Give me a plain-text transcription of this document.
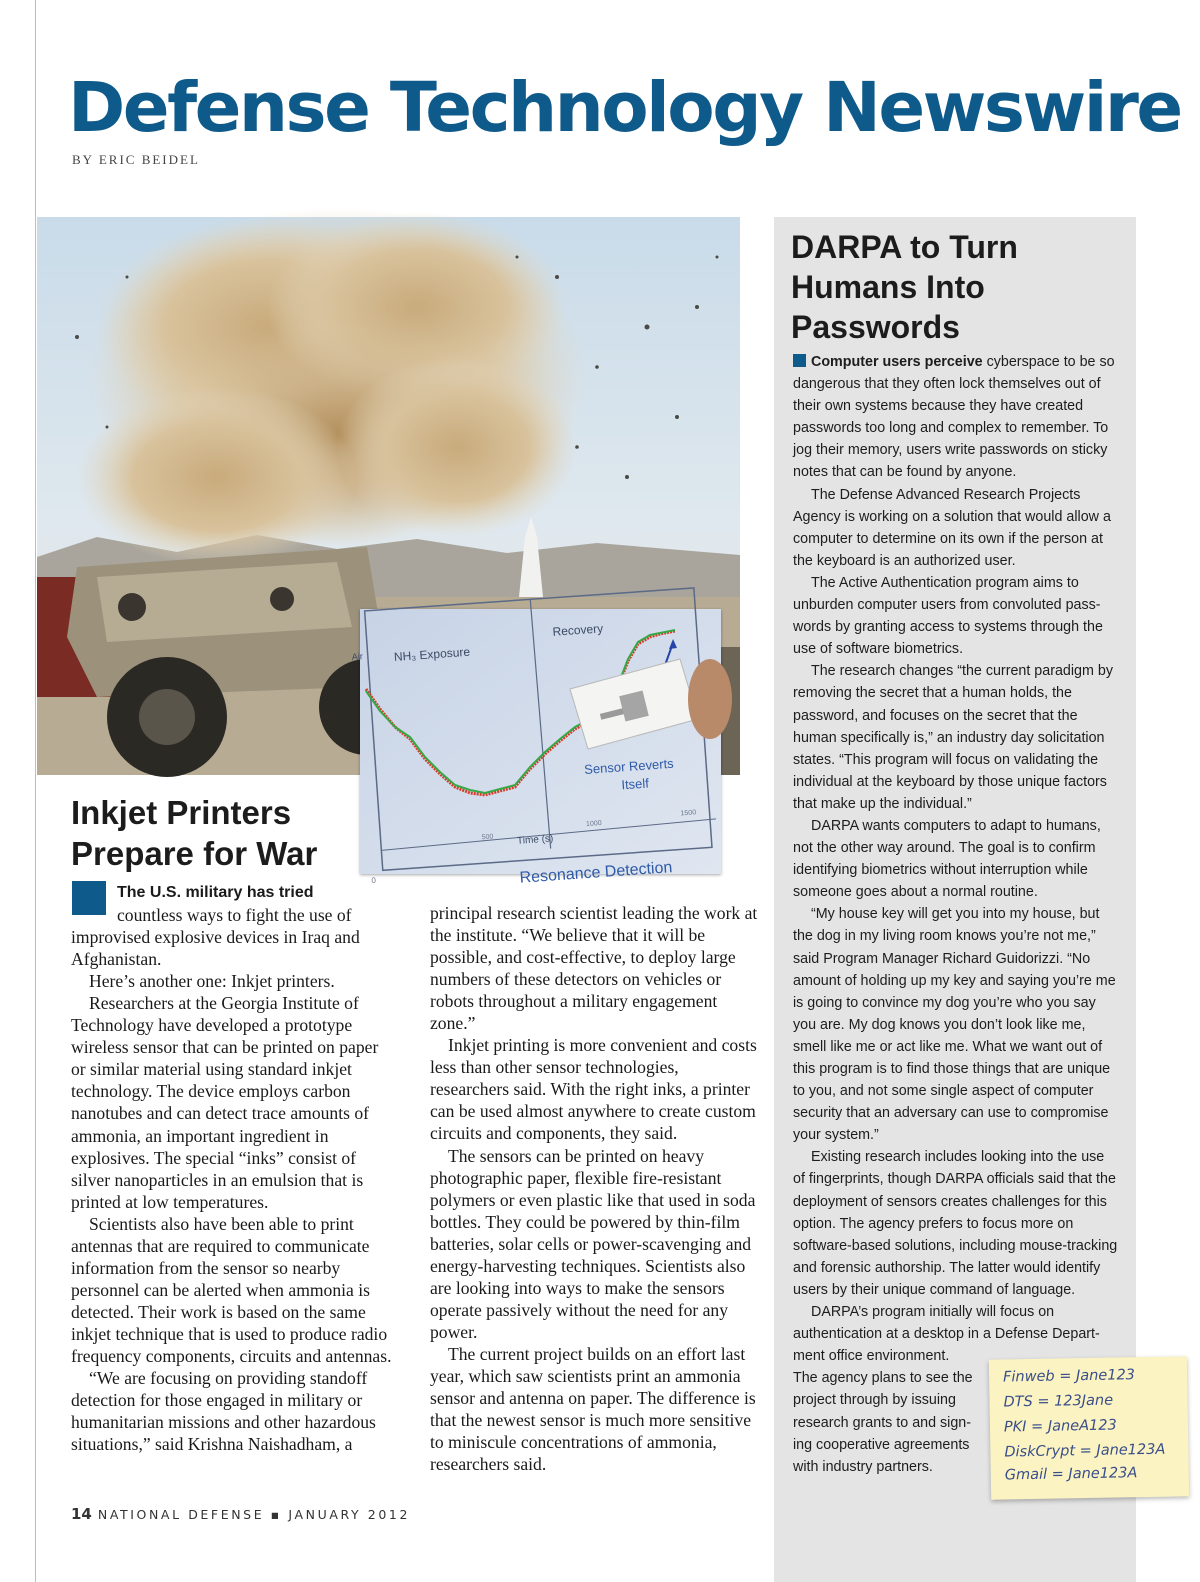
Defense Technology Newswire
BY ERIC BEIDEL
NH₃ Exposure
Recovery
Sensor Reverts
Itself
Time (s)
500
1000
1500
0
Air
Resonance Detection
DARPA to Turn
Humans Into
Passwords

Computer users perceive cyberspace to be so dangerous that they often lock themselves out of their own systems because they have created passwords too long and complex to remember. To jog their memory, users write passwords on sticky notes that can be found by anyone.

The Defense Advanced Research Projects Agency is working on a solution that would allow a computer to determine on its own if the person at the keyboard is an authorized user.

The Active Authentication program aims to unburden computer users from convoluted passwords by granting access to systems through the use of software biometrics.

The research changes “the current paradigm by removing the secret that a human holds, the password, and focuses on the secret that the human specifically is,” an industry day solicitation states. “This program will focus on validating the individual at the keyboard by those unique factors that make up the individual.”

DARPA wants computers to adapt to humans, not the other way around. The goal is to confirm identifying biometrics without interruption while someone goes about a normal routine.

“My house key will get you into my house, but the dog in my living room knows you’re not me,” said Program Manager Richard Guidorizzi. “No amount of holding up my key and saying you’re me is going to convince my dog you’re who you say you are. My dog knows you don’t look like me, smell like me or act like me. What we want out of this program is to find those things that are unique to you, and not some single aspect of computer security that an adversary can use to compromise your system.”

Existing research includes looking into the use of fingerprints, though DARPA officials said that the deployment of sensors creates challenges for this option. The agency prefers to focus more on software-based solutions, including mouse-tracking and forensic authorship. The latter would identify users by their unique command of language.

DARPA’s program initially will focus on authentication at a desktop in a Defense Department office environment.

The agency plans to see the project through by issuing research grants to and signing cooperative agreements with industry partners.

Finweb = Jane123
DTS = 123Jane
PKI = JaneA123
DiskCrypt = Jane123A
Gmail = Jane123A
Inkjet Printers
Prepare for War

The U.S. military has tried
countless ways to fight the use of improvised explosive devices in Iraq and Afghanistan.

Here’s another one: Inkjet printers.

Researchers at the Georgia Institute of Technology have developed a prototype wireless sensor that can be printed on paper or similar material using standard inkjet technology. The device employs carbon nanotubes and can detect trace amounts of ammonia, an important ingredient in explosives. The special “inks” consist of silver nanoparticles in an emulsion that is printed at low temperatures.

Scientists also have been able to print antennas that are required to communicate information from the sensor so nearby personnel can be alerted when ammonia is detected. Their work is based on the same inkjet technique that is used to produce radio frequency components, circuits and antennas.

“We are focusing on providing standoff detection for those engaged in military or humanitarian missions and other hazardous situations,” said Krishna Naishadham, a

principal research scientist leading the work at the institute. “We believe that it will be possible, and cost-effective, to deploy large numbers of these detectors on vehicles or robots throughout a military engagement zone.”

Inkjet printing is more convenient and costs less than other sensor technologies, researchers said. With the right inks, a printer can be used almost anywhere to create custom circuits and components, they said.

The sensors can be printed on heavy photographic paper, flexible fire-resistant polymers or even plastic like that used in soda bottles. They could be powered by thin-film batteries, solar cells or power-scavenging and energy-harvesting techniques. Scientists also are looking into ways to make the sensors operate passively without the need for any power.

The current project builds on an effort last year, which saw scientists print an ammonia sensor and antenna on paper. The difference is that the newest sensor is much more sensitive to miniscule concentrations of ammonia, researchers said.

14 NATIONAL DEFENSE ▪ JANUARY 2012
